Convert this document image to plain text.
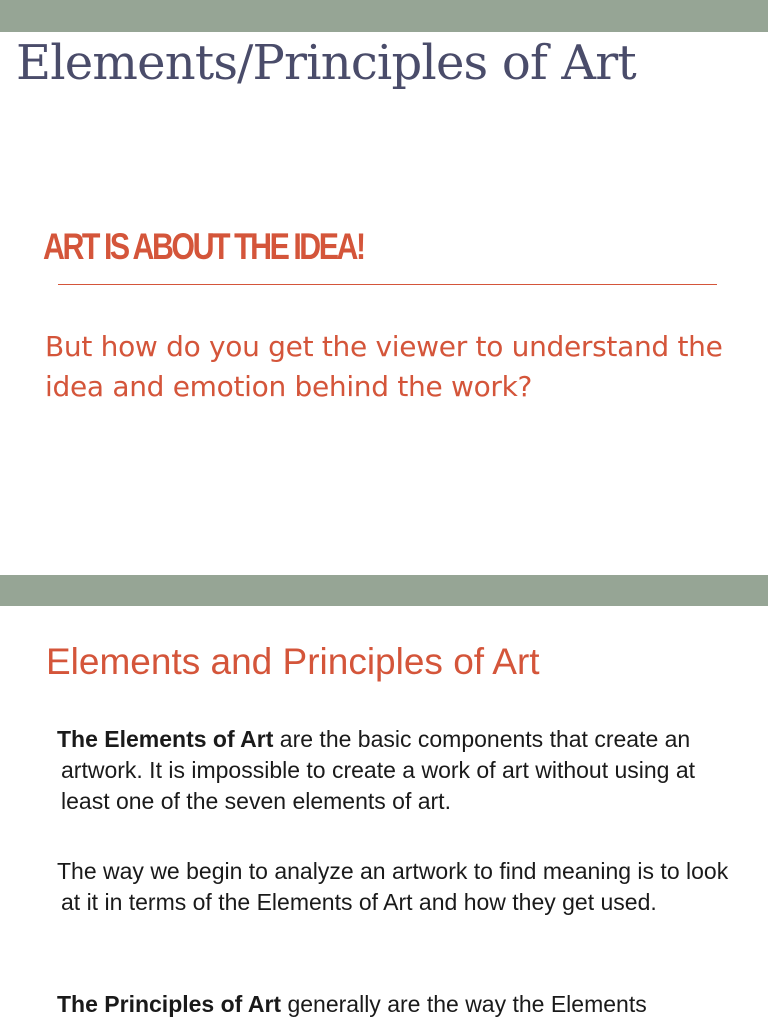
Elements/Principles of Art
ART IS ABOUT THE IDEA!

But how do you get the viewer to understand the idea and emotion behind the work?

Elements and Principles of Art

The Elements of Art are the basic components that create an artwork. It is impossible to create a work of art without using at least one of the seven elements of art.

The way we begin to analyze an artwork to find meaning is to look at it in terms of the Elements of Art and how they get used.

The Principles of Art generally are the way the Elements
